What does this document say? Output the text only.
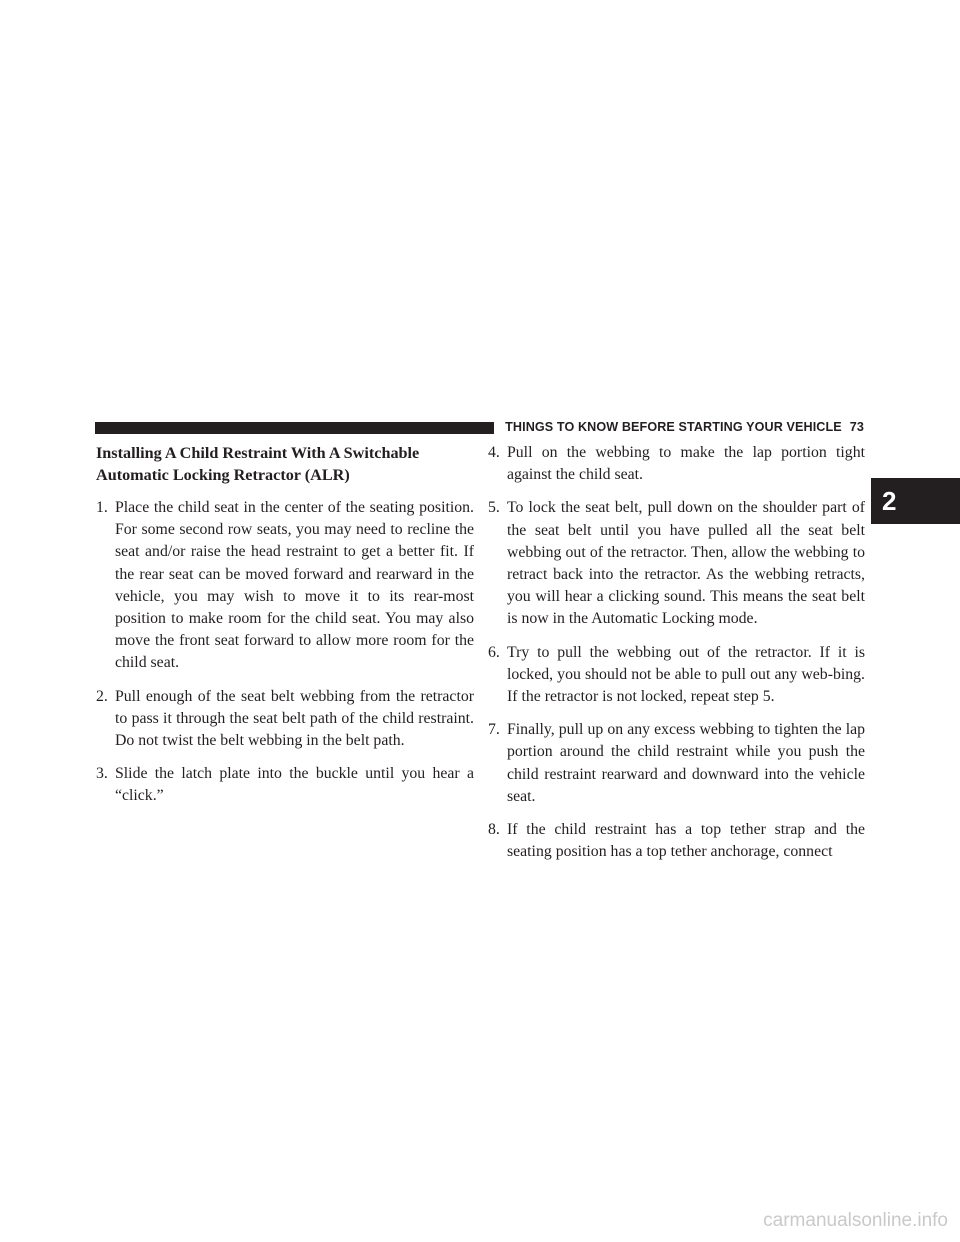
THINGS TO KNOW BEFORE STARTING YOUR VEHICLE 73
2
Installing A Child Restraint With A Switchable
Automatic Locking Retractor (ALR)
1. Place the child seat in the center of the seating position. For some second row seats, you may need to recline the seat and/or raise the head restraint to get a better fit. If the rear seat can be moved forward and rearward in the vehicle, you may wish to move it to its rear-most position to make room for the child seat. You may also move the front seat forward to allow more room for the child seat.
2. Pull enough of the seat belt webbing from the retractor to pass it through the seat belt path of the child restraint. Do not twist the belt webbing in the belt path.
3. Slide the latch plate into the buckle until you hear a “click.”
4. Pull on the webbing to make the lap portion tight against the child seat.
5. To lock the seat belt, pull down on the shoulder part of the seat belt until you have pulled all the seat belt webbing out of the retractor. Then, allow the webbing to retract back into the retractor. As the webbing retracts, you will hear a clicking sound. This means the seat belt is now in the Automatic Locking mode.
6. Try to pull the webbing out of the retractor. If it is locked, you should not be able to pull out any web-bing. If the retractor is not locked, repeat step 5.
7. Finally, pull up on any excess webbing to tighten the lap portion around the child restraint while you push the child restraint rearward and downward into the vehicle seat.
8. If the child restraint has a top tether strap and the seating position has a top tether anchorage, connect
carmanualsonline.info
